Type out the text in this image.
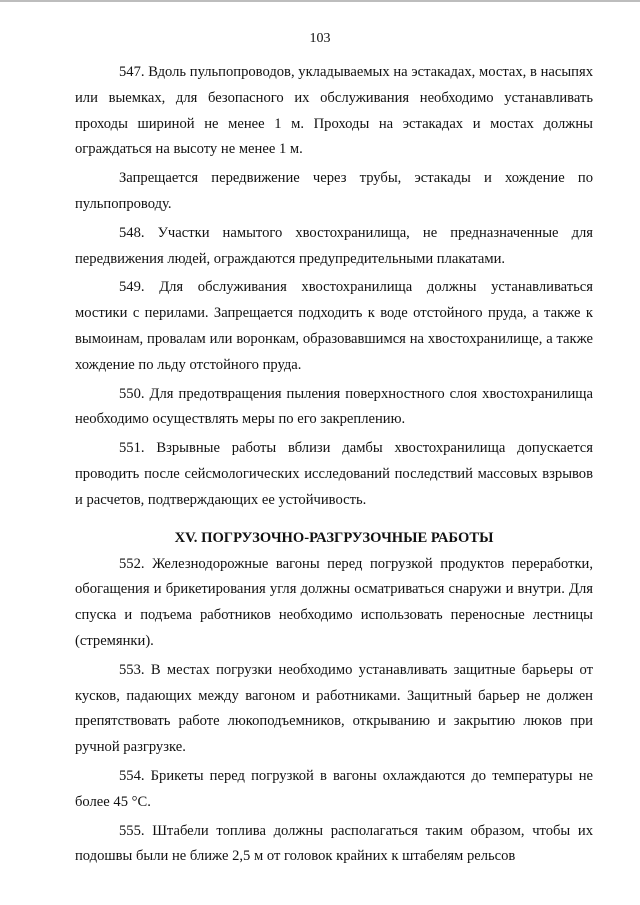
103

547. Вдоль пульпопроводов, укладываемых на эстакадах, мостах, в насыпях или выемках, для безопасного их обслуживания необходимо устанавливать проходы шириной не менее 1 м. Проходы на эстакадах и мостах должны ограждаться на высоту не менее 1 м.

Запрещается передвижение через трубы, эстакады и хождение по пульпопроводу.

548. Участки намытого хвостохранилища, не предназначенные для передвижения людей, ограждаются предупредительными плакатами.

549. Для обслуживания хвостохранилища должны устанавливаться мостики с перилами. Запрещается подходить к воде отстойного пруда, а также к вымоинам, провалам или воронкам, образовавшимся на хвостохранилище, а также хождение по льду отстойного пруда.

550. Для предотвращения пыления поверхностного слоя хвостохранилища необходимо осуществлять меры по его закреплению.

551. Взрывные работы вблизи дамбы хвостохранилища допускается проводить после сейсмологических исследований последствий массовых взрывов и расчетов, подтверждающих ее устойчивость.

XV. ПОГРУЗОЧНО-РАЗГРУЗОЧНЫЕ РАБОТЫ

552. Железнодорожные вагоны перед погрузкой продуктов переработки, обогащения и брикетирования угля должны осматриваться снаружи и внутри. Для спуска и подъема работников необходимо использовать переносные лестницы (стремянки).

553. В местах погрузки необходимо устанавливать защитные барьеры от кусков, падающих между вагоном и работниками. Защитный барьер не должен препятствовать работе люкоподъемников, открыванию и закрытию люков при ручной разгрузке.

554. Брикеты перед погрузкой в вагоны охлаждаются до температуры не более 45 °С.

555. Штабели топлива должны располагаться таким образом, чтобы их подошвы были не ближе 2,5 м от головок крайних к штабелям рельсов
